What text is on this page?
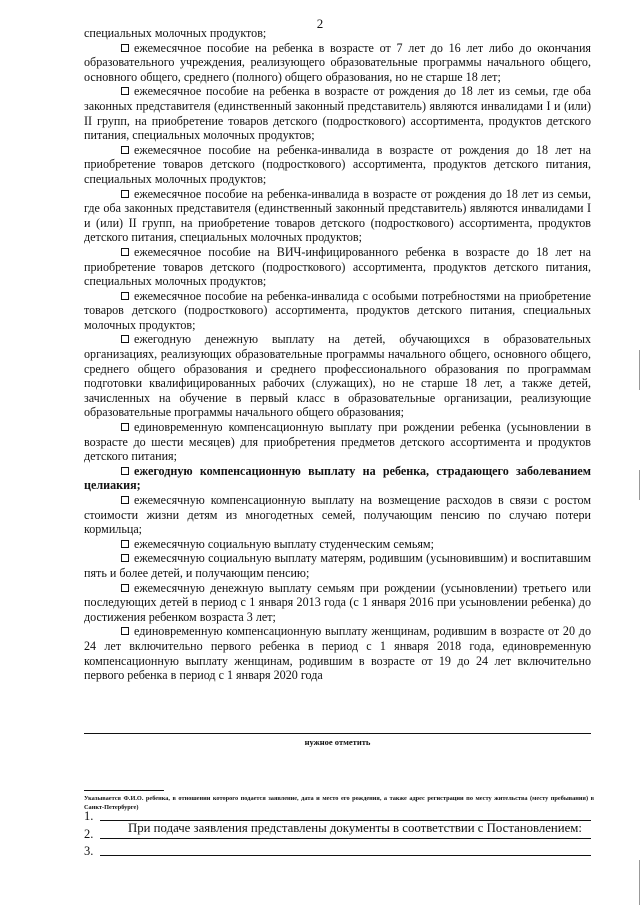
2

специальных молочных продуктов;

ежемесячное пособие на ребенка в возрасте от 7 лет до 16 лет либо до окончания образовательного учреждения, реализующего образовательные программы начального общего, основного общего, среднего (полного) общего образования, но не старше 18 лет;

ежемесячное пособие на ребенка в возрасте от рождения до 18 лет из семьи, где оба законных представителя (единственный законный представитель) являются инвалидами I и (или) II групп, на приобретение товаров детского (подросткового) ассортимента, продуктов детского питания, специальных молочных продуктов;

ежемесячное пособие на ребенка-инвалида в возрасте от рождения до 18 лет на приобретение товаров детского (подросткового) ассортимента, продуктов детского питания, специальных молочных продуктов;

ежемесячное пособие на ребенка-инвалида в возрасте от рождения до 18 лет из семьи, где оба законных представителя (единственный законный представитель) являются инвалидами I и (или) II групп, на приобретение товаров детского (подросткового) ассортимента, продуктов детского питания, специальных молочных продуктов;

ежемесячное пособие на ВИЧ-инфицированного ребенка в возрасте до 18 лет на приобретение товаров детского (подросткового) ассортимента, продуктов детского питания, специальных молочных продуктов;

ежемесячное пособие на ребенка-инвалида с особыми потребностями на приобретение товаров детского (подросткового) ассортимента, продуктов детского питания, специальных молочных продуктов;

ежегодную денежную выплату на детей, обучающихся в образовательных организациях, реализующих образовательные программы начального общего, основного общего, среднего общего образования и среднего профессионального образования по программам подготовки квалифицированных рабочих (служащих), но не старше 18 лет, а также детей, зачисленных на обучение в первый класс в образовательные организации, реализующие образовательные программы начального общего образования;

единовременную компенсационную выплату при рождении ребенка (усыновлении в возрасте до шести месяцев) для приобретения предметов детского ассортимента и продуктов детского питания;

ежегодную компенсационную выплату на ребенка, страдающего заболеванием целиакия;

ежемесячную компенсационную выплату на возмещение расходов в связи с ростом стоимости жизни детям из многодетных семей, получающим пенсию по случаю потери кормильца;

ежемесячную социальную выплату студенческим семьям;

ежемесячную социальную выплату матерям, родившим (усыновившим) и воспитавшим пять и более детей, и получающим пенсию;

ежемесячную денежную выплату семьям при рождении (усыновлении) третьего или последующих детей в период с 1 января 2013 года (с 1 января 2016 при усыновлении ребенка) до достижения ребенком возраста 3 лет;

единовременную компенсационную выплату женщинам, родившим в возрасте от 20 до 24 лет включительно первого ребенка в период с 1 января 2018 года, единовременную компенсационную выплату женщинам, родившим в возрасте от 19 до 24 лет включительно первого ребенка в период с 1 января 2020 года

нужное отметить
Указывается Ф.И.О. ребенка, в отношении которого подается заявление, дата и место его рождения, а также адрес регистрации по месту жительства (месту пребывания) в Санкт-Петербурге)
При подаче заявления представлены документы в соответствии с Постановлением:
1.
2.
3.
